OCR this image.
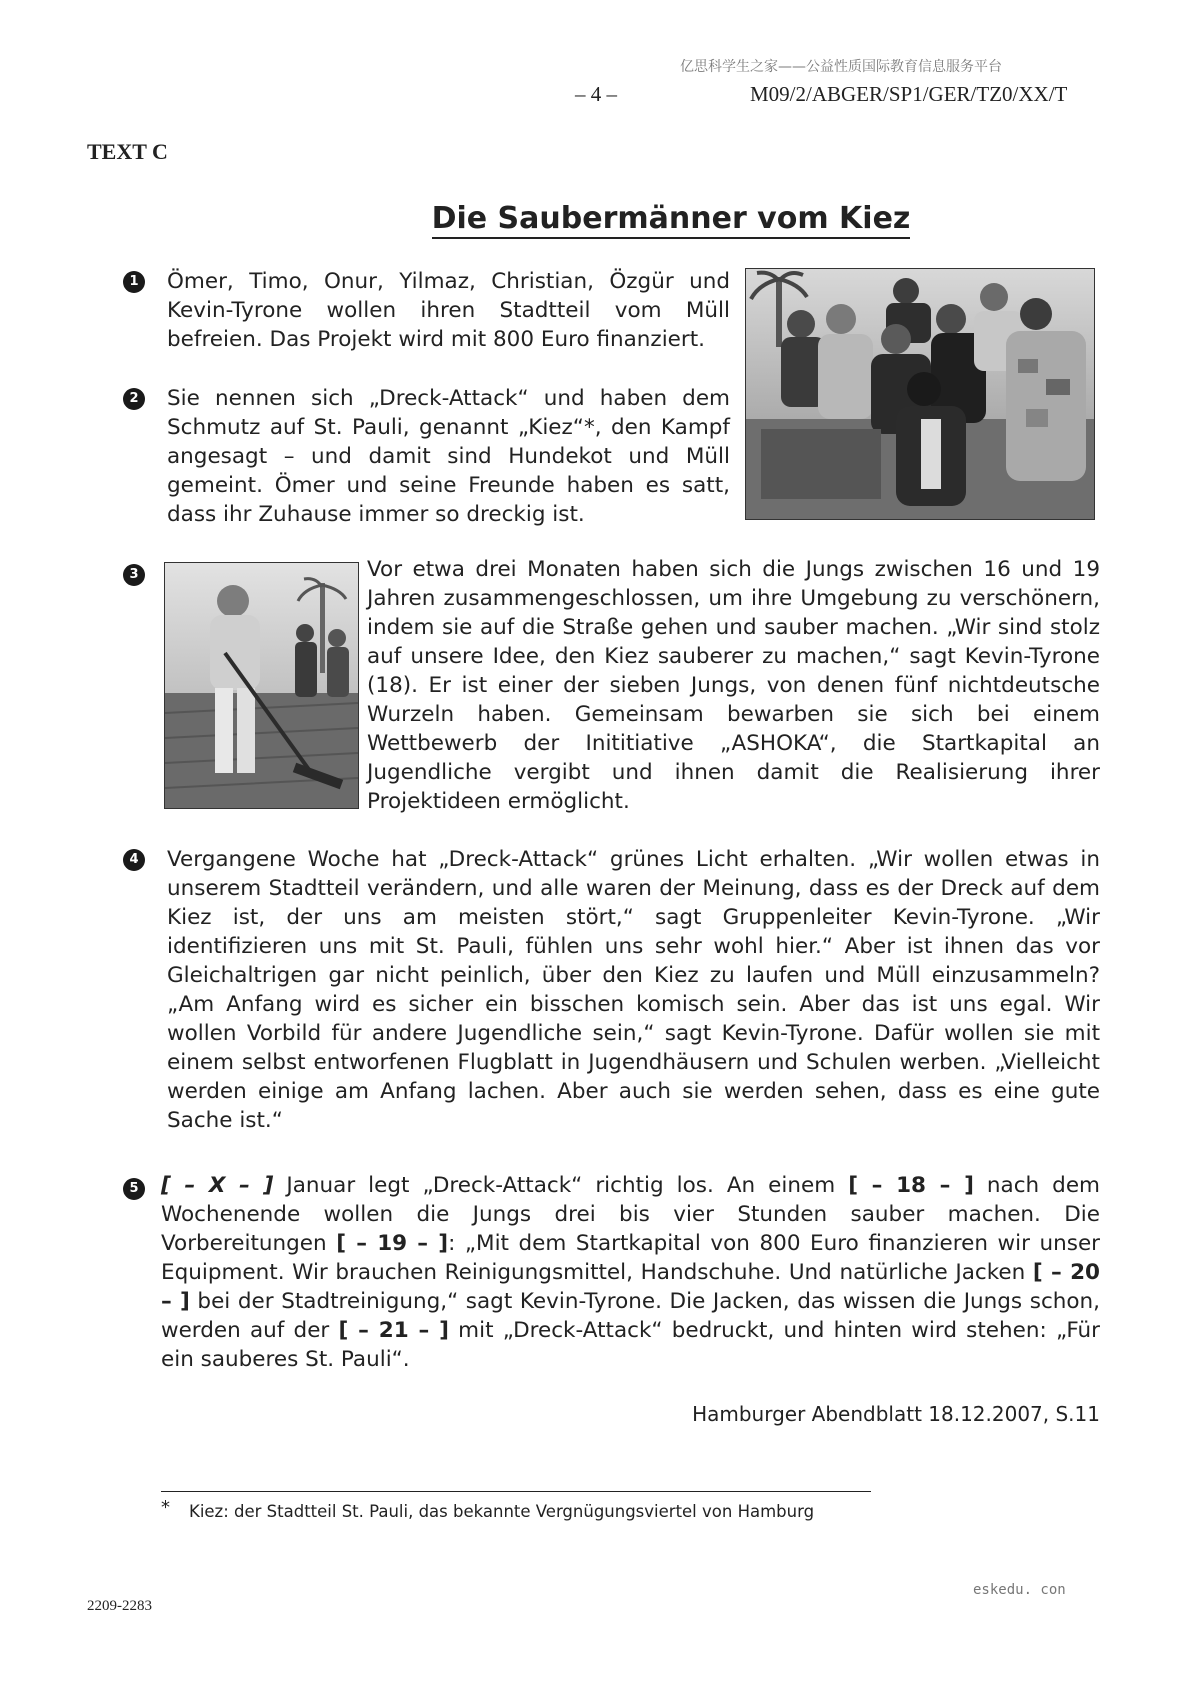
亿思科学生之家——公益性质国际教育信息服务平台
– 4 –	M09/2/ABGER/SP1/GER/TZ0/XX/T
TEXT C
Die Saubermänner vom Kiez
1	Ömer, Timo, Onur, Yilmaz, Christian, Özgür und Kevin-Tyrone wollen ihren Stadtteil vom Müll befreien. Das Projekt wird mit 800 Euro finanziert.
2	Sie nennen sich „Dreck-Attack“ und haben dem Schmutz auf St. Pauli, genannt „Kiez“*, den Kampf angesagt – und damit sind Hundekot und Müll gemeint. Ömer und seine Freunde haben es satt, dass ihr Zuhause immer so dreckig ist.
3	Vor etwa drei Monaten haben sich die Jungs zwischen 16 und 19 Jahren zusammengeschlossen, um ihre Umgebung zu verschönern, indem sie auf die Straße gehen und sauber machen. „Wir sind stolz auf unsere Idee, den Kiez sauberer zu machen,“ sagt Kevin-Tyrone (18). Er ist einer der sieben Jungs, von denen fünf nichtdeutsche Wurzeln haben. Gemeinsam bewarben sie sich bei einem Wettbewerb der Inititiative „ASHOKA“, die Startkapital an Jugendliche vergibt und ihnen damit die Realisierung ihrer Projektideen ermöglicht.
4	Vergangene Woche hat „Dreck-Attack“ grünes Licht erhalten. „Wir wollen etwas in unserem Stadtteil verändern, und alle waren der Meinung, dass es der Dreck auf dem Kiez ist, der uns am meisten stört,“ sagt Gruppenleiter Kevin-Tyrone. „Wir identifizieren uns mit St. Pauli, fühlen uns sehr wohl hier.“ Aber ist ihnen das vor Gleichaltrigen gar nicht peinlich, über den Kiez zu laufen und Müll einzusammeln? „Am Anfang wird es sicher ein bisschen komisch sein. Aber das ist uns egal. Wir wollen Vorbild für andere Jugendliche sein,“ sagt Kevin-Tyrone. Dafür wollen sie mit einem selbst entworfenen Flugblatt in Jugendhäusern und Schulen werben. „Vielleicht werden einige am Anfang lachen. Aber auch sie werden sehen, dass es eine gute Sache ist.“
5	[ – X – ] Januar legt „Dreck-Attack“ richtig los. An einem [ – 18 – ] nach dem Wochenende wollen die Jungs drei bis vier Stunden sauber machen. Die Vorbereitungen [ – 19 – ]: „Mit dem Startkapital von 800 Euro finanzieren wir unser Equipment. Wir brauchen Reinigungsmittel, Handschuhe. Und natürliche Jacken [ – 20 – ] bei der Stadtreinigung,“ sagt Kevin-Tyrone. Die Jacken, das wissen die Jungs schon, werden auf der [ – 21 – ] mit „Dreck-Attack“ bedruckt, und hinten wird stehen: „Für ein sauberes St. Pauli“.
Hamburger Abendblatt 18.12.2007, S.11
* Kiez: der Stadtteil St. Pauli, das bekannte Vergnügungsviertel von Hamburg
2209-2283
eskedu. con
